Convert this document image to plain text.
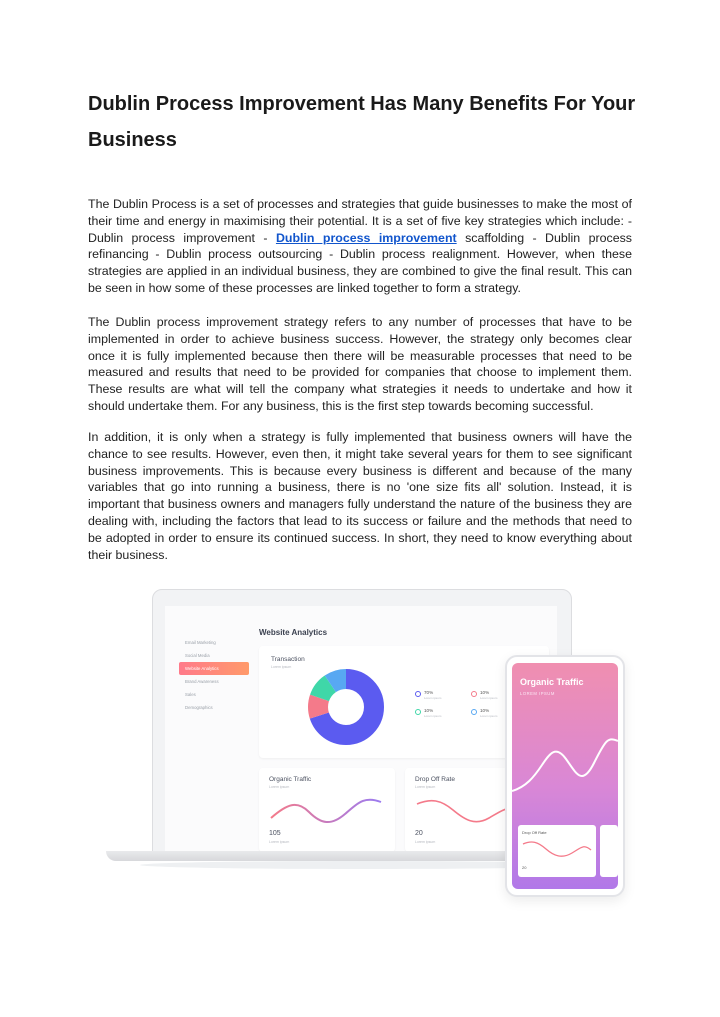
Dublin Process Improvement Has Many Benefits For Your Business

The Dublin Process is a set of processes and strategies that guide businesses to make the most of their time and energy in maximising their potential. It is a set of five key strategies which include: - Dublin process improvement - Dublin process improvement scaffolding - Dublin process refinancing - Dublin process outsourcing - Dublin process realignment. However, when these strategies are applied in an individual business, they are combined to give the final result. This can be seen in how some of these processes are linked together to form a strategy.

The Dublin process improvement strategy refers to any number of processes that have to be implemented in order to achieve business success. However, the strategy only becomes clear once it is fully implemented because then there will be measurable processes that need to be measured and results that need to be provided for companies that choose to implement them. These results are what will tell the company what strategies it needs to undertake and how it should undertake them. For any business, this is the first step towards becoming successful.

In addition, it is only when a strategy is fully implemented that business owners will have the chance to see results. However, even then, it might take several years for them to see significant business improvements. This is because every business is different and because of the many variables that go into running a business, there is no 'one size fits all' solution. Instead, it is important that business owners and managers fully understand the nature of the business they are dealing with, including the factors that lead to its success or failure and the methods that need to be adopted in order to ensure its continued success. In short, they need to know everything about their business.

Email Marketing
Social Media
Website Analytics
Brand Awareness
Sales
Demographics
Website Analytics
Transaction
Lorem ipsum
70%
Lorem ipsum
10%
Lorem ipsum
10%
Lorem ipsum
10%
Lorem ipsum
Organic Traffic
Lorem ipsum
105
Lorem ipsum
Drop Off Rate
Lorem ipsum
20
Lorem ipsum
Organic Traffic
LOREM IPSUM
Drop Off Rate
20
